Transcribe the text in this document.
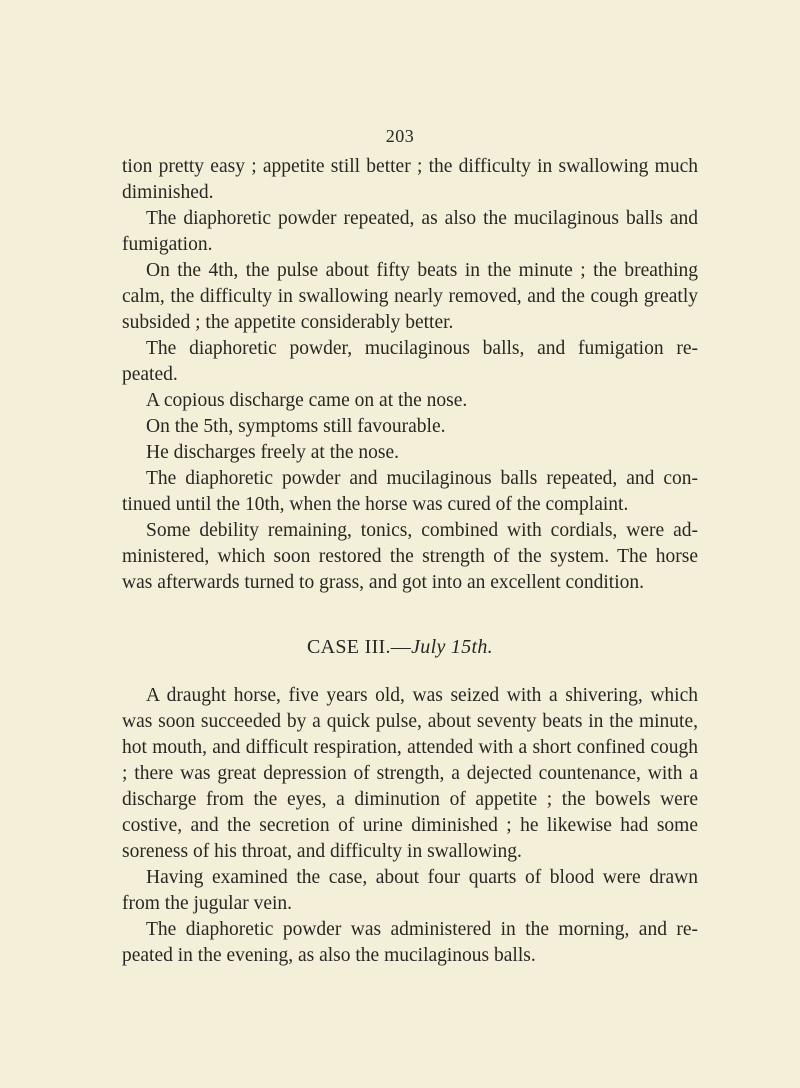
203

tion pretty easy ; appetite still better ; the difficulty in swallowing much diminished.

The diaphoretic powder repeated, as also the mucilaginous balls and fumigation.

On the 4th, the pulse about fifty beats in the minute ; the breathing calm, the difficulty in swallowing nearly removed, and the cough greatly subsided ; the appetite considerably better.

The diaphoretic powder, mucilaginous balls, and fumigation re- peated.

A copious discharge came on at the nose.

On the 5th, symptoms still favourable.

He discharges freely at the nose.

The diaphoretic powder and mucilaginous balls repeated, and con- tinued until the 10th, when the horse was cured of the complaint.

Some debility remaining, tonics, combined with cordials, were ad- ministered, which soon restored the strength of the system. The horse was afterwards turned to grass, and got into an excellent condition.

CASE III.—July 15th.

A draught horse, five years old, was seized with a shivering, which was soon succeeded by a quick pulse, about seventy beats in the minute, hot mouth, and difficult respiration, attended with a short confined cough ; there was great depression of strength, a dejected countenance, with a discharge from the eyes, a diminution of appetite ; the bowels were costive, and the secretion of urine diminished ; he likewise had some soreness of his throat, and difficulty in swallowing.

Having examined the case, about four quarts of blood were drawn from the jugular vein.

The diaphoretic powder was administered in the morning, and re- peated in the evening, as also the mucilaginous balls.
